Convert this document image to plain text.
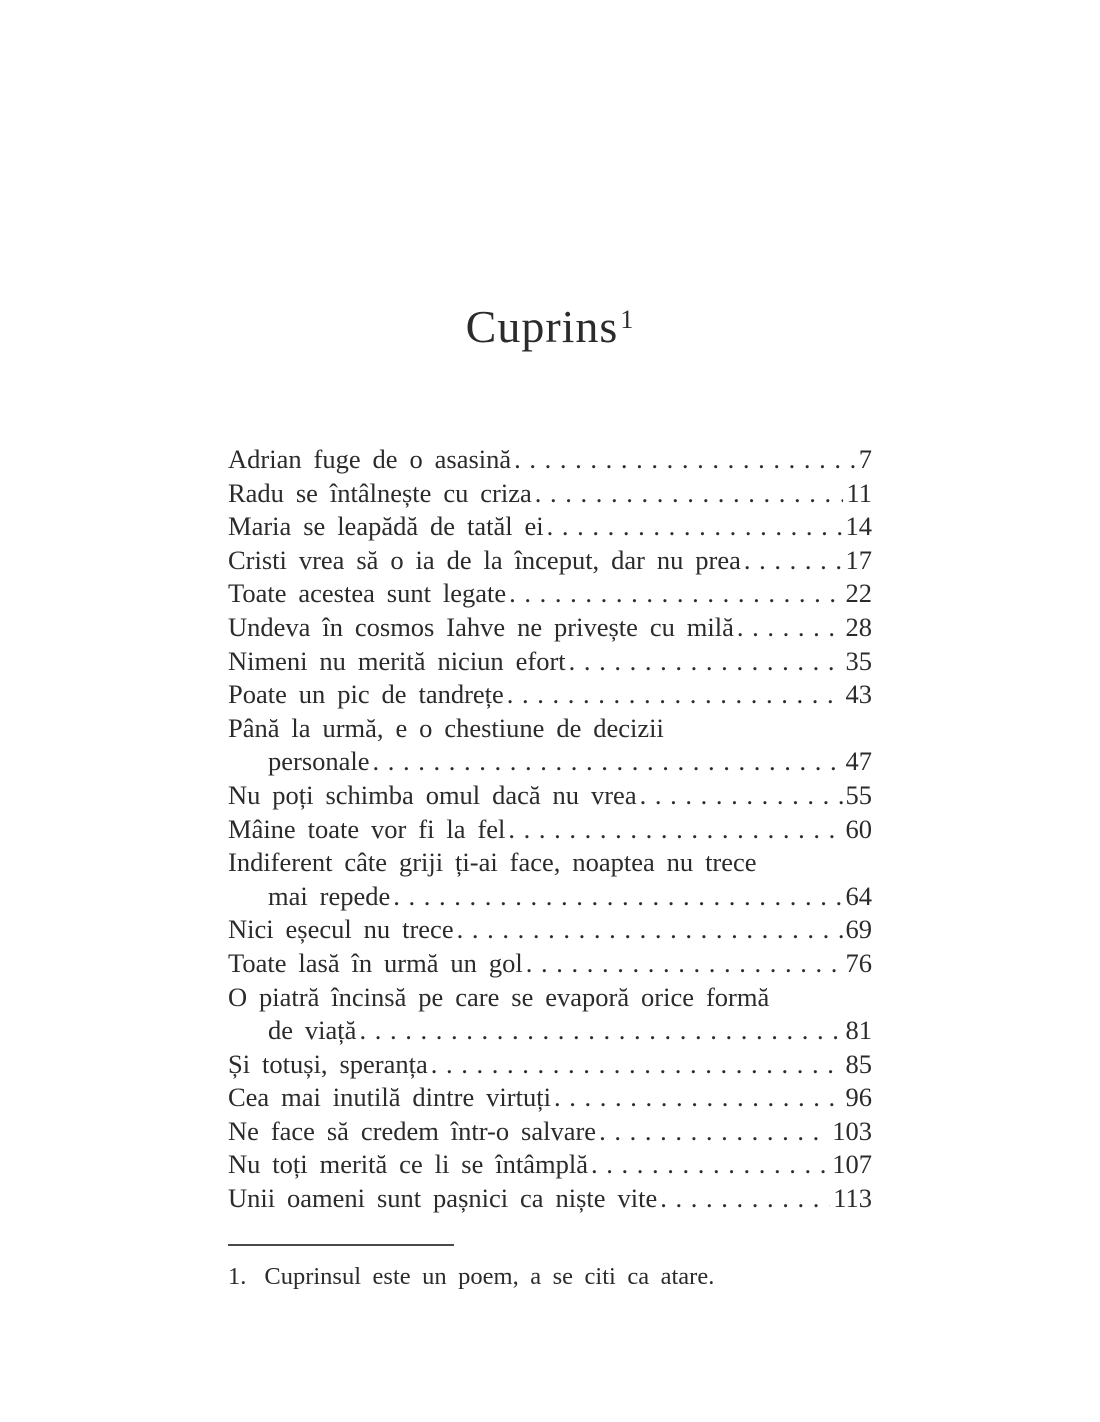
Cuprins$^1$
Adrian fuge de o asasină . . .	7
Radu se întâlnește cu criza . . .	11
Maria se leapădă de tatăl ei . . .	14
Cristi vrea să o ia de la început, dar nu prea . . .	17
Toate acestea sunt legate . . .	22
Undeva în cosmos Iahve ne privește cu milă . . .	28
Nimeni nu merită niciun efort . . .	35
Poate un pic de tandrețe . . .	43
Până la urmă, e o chestiune de decizii
personale . . .	47
Nu poți schimba omul dacă nu vrea . . .	55
Mâine toate vor fi la fel . . .	60
Indiferent câte griji ți-ai face, noaptea nu trece
mai repede . . .	64
Nici eșecul nu trece . . .	69
Toate lasă în urmă un gol . . .	76
O piatră încinsă pe care se evaporă orice formă
de viață . . .	81
Și totuși, speranța . . .	85
Cea mai inutilă dintre virtuți . . .	96
Ne face să credem într-o salvare . . .	103
Nu toți merită ce li se întâmplă . . .	107
Unii oameni sunt pașnici ca niște vite . . .	113
1. Cuprinsul este un poem, a se citi ca atare.
